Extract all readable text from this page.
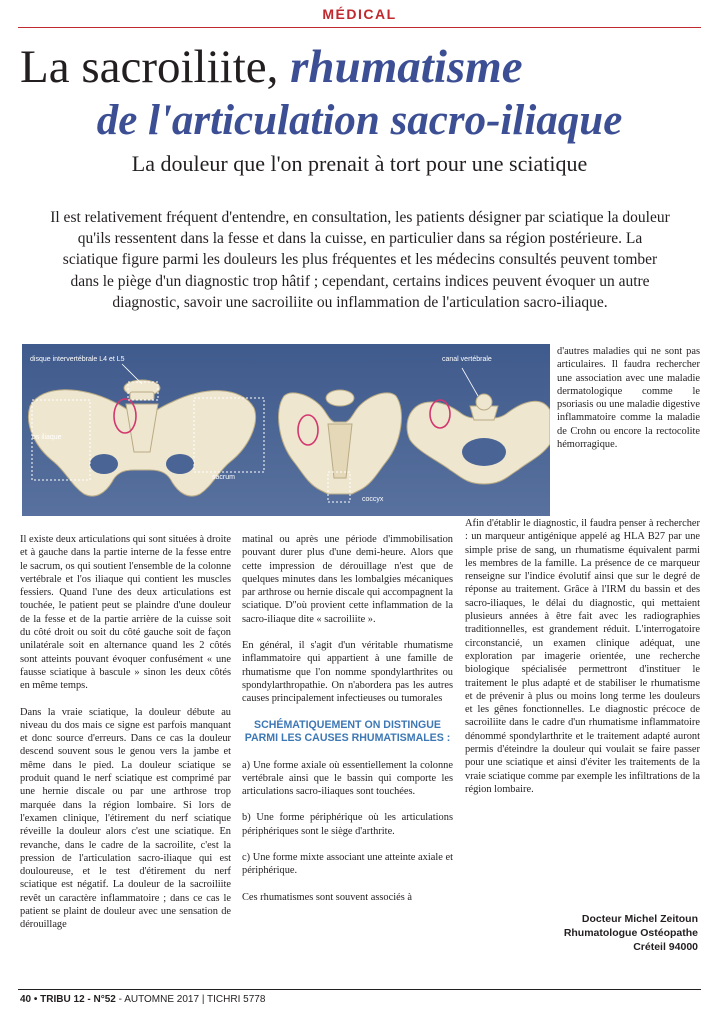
MÉDICAL
La sacroiliite, rhumatisme
de l'articulation sacro-iliaque
La douleur que l'on prenait à tort pour une sciatique
Il est relativement fréquent d'entendre, en consultation, les patients désigner par sciatique la douleur qu'ils ressentent dans la fesse et dans la cuisse, en particulier dans sa région postérieure. La sciatique figure parmi les douleurs les plus fréquentes et les médecins consultés peuvent tomber dans le piège d'un diagnostic trop hâtif ; cependant, certains indices peuvent évoquer un autre diagnostic, savoir une sacroiliite ou inflammation de l'articulation sacro-iliaque.
disque intervertébrale L4 et L5	canal vertébrale
os iliaque
sacrum
coccyx

d'autres maladies qui ne sont pas articulaires. Il faudra rechercher une association avec une maladie dermatologique comme le psoriasis ou une maladie digestive inflammatoire comme la maladie de Crohn ou encore la rectocolite hémorragique.

Il existe deux articulations qui sont situées à droite et à gauche dans la partie interne de la fesse entre le sacrum, os qui soutient l'ensemble de la colonne vertébrale et l'os iliaque qui contient les muscles fessiers. Quand l'une des deux articulations est touchée, le patient peut se plaindre d'une douleur de la fesse et de la partie arrière de la cuisse soit du côté droit ou soit du côté gauche soit de façon unilatérale soit en alternance quand les 2 côtés sont atteints pouvant évoquer confusément « une fausse sciatique à bascule » sinon les deux côtés en même temps.

Dans la vraie sciatique, la douleur débute au niveau du dos mais ce signe est parfois manquant et donc source d'erreurs. Dans ce cas la douleur descend souvent sous le genou vers la jambe et même dans le pied. La douleur sciatique se produit quand le nerf sciatique est comprimé par une hernie discale ou par une arthrose trop marquée dans la région lombaire. Si lors de l'examen clinique, l'étirement du nerf sciatique réveille la douleur alors c'est une sciatique. En revanche, dans le cadre de la sacroilite, c'est la pression de l'articulation sacro-iliaque qui est douloureuse, et le test d'étirement du nerf sciatique est négatif. La douleur de la sacroiliite revêt un caractère inflammatoire ; dans ce cas le patient se plaint de douleur avec une sensation de dérouillage

matinal ou après une période d'immobilisation pouvant durer plus d'une demi-heure. Alors que cette impression de dérouillage n'est que de quelques minutes dans les lombalgies mécaniques par arthrose ou hernie discale qui accompagnent la sciatique. D''où provient cette inflammation de la sacro-iliaque dite « sacroiliite ».

En général, il s'agit d'un véritable rhumatisme inflammatoire qui appartient à une famille de rhumatisme que l'on nomme spondylarthrites ou spondylarthropathie. On n'abordera pas les autres causes principalement infectieuses ou tumorales

SCHÉMATIQUEMENT ON DISTINGUE PARMI LES CAUSES RHUMATISMALES :

a) Une forme axiale où essentiellement la colonne vertébrale ainsi que le bassin qui comporte les articulations sacro-iliaques sont touchées.

b) Une forme périphérique où les articulations périphériques sont le siège d'arthrite.

c) Une forme mixte associant une atteinte axiale et périphérique.

Ces rhumatismes sont souvent associés à

Afin d'établir le diagnostic, il faudra penser à rechercher : un marqueur antigénique appelé ag HLA B27 par une simple prise de sang, un rhumatisme équivalent parmi les membres de la famille. La présence de ce marqueur renseigne sur l'indice évolutif ainsi que sur le degré de réponse au traitement. Grâce à l'IRM du bassin et des sacro-iliaques, le délai du diagnostic, qui mettaient plusieurs années à être fait avec les radiographies traditionnelles, est grandement réduit. L'interrogatoire circonstancié, un examen clinique adéquat, une exploration par imagerie orientée, une recherche biologique spécialisée permettront d'instituer le traitement le plus adapté et de stabiliser le rhumatisme et de prévenir à plus ou moins long terme les douleurs et les gênes fonctionnelles. Le diagnostic précoce de sacroiliite dans le cadre d'un rhumatisme inflammatoire dénommé spondylarthrite et le traitement adapté auront permis d'éteindre la douleur qui voulait se faire passer pour une sciatique et ainsi d'éviter les traitements de la vraie sciatique comme par exemple les infiltrations de la région lombaire.

Docteur Michel Zeitoun
Rhumatologue Ostéopathe
Créteil 94000
40 • TRIBU 12 - N°52 - AUTOMNE 2017 | TICHRI 5778
